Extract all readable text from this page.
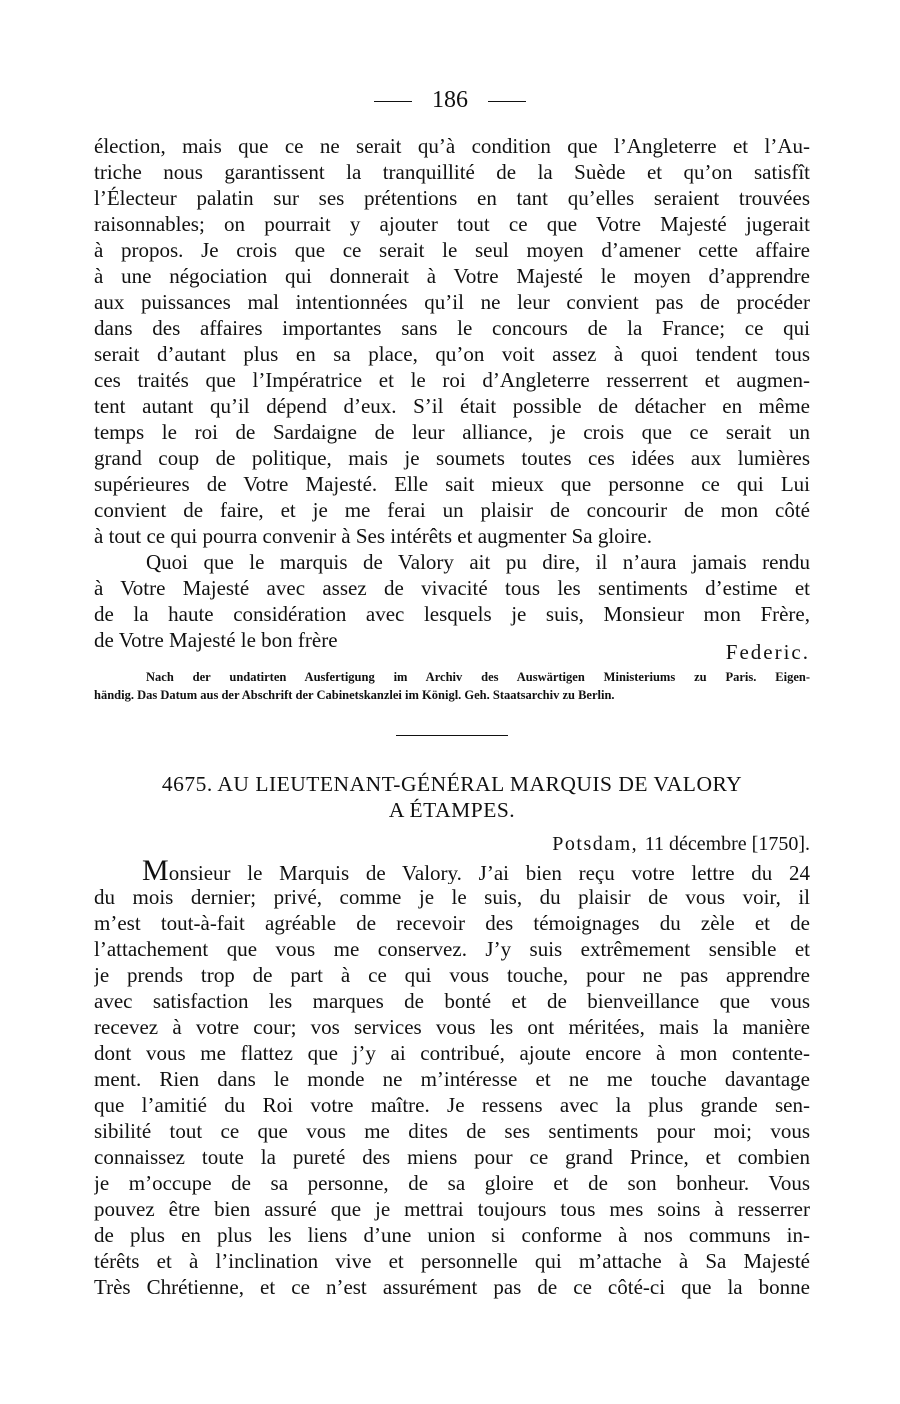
186
élection, mais que ce ne serait qu’à condition que l’Angleterre et l’Au-
triche nous garantissent la tranquillité de la Suède et qu’on satisfît
l’Électeur palatin sur ses prétentions en tant qu’elles seraient trouvées
raisonnables; on pourrait y ajouter tout ce que Votre Majesté jugerait
à propos. Je crois que ce serait le seul moyen d’amener cette affaire
à une négociation qui donnerait à Votre Majesté le moyen d’apprendre
aux puissances mal intentionnées qu’il ne leur convient pas de procéder
dans des affaires importantes sans le concours de la France; ce qui
serait d’autant plus en sa place, qu’on voit assez à quoi tendent tous
ces traités que l’Impératrice et le roi d’Angleterre resserrent et augmen-
tent autant qu’il dépend d’eux. S’il était possible de détacher en même
temps le roi de Sardaigne de leur alliance, je crois que ce serait un
grand coup de politique, mais je soumets toutes ces idées aux lumières
supérieures de Votre Majesté. Elle sait mieux que personne ce qui Lui
convient de faire, et je me ferai un plaisir de concourir de mon côté
à tout ce qui pourra convenir à Ses intérêts et augmenter Sa gloire.
Quoi que le marquis de Valory ait pu dire, il n’aura jamais rendu
à Votre Majesté avec assez de vivacité tous les sentiments d’estime et
de la haute considération avec lesquels je suis, Monsieur mon Frère,
de Votre Majesté le bon frère	Federic.
Nach der undatirten Ausfertigung im Archiv des Auswärtigen Ministeriums zu Paris. Eigen-
händig. Das Datum aus der Abschrift der Cabinetskanzlei im Königl. Geh. Staatsarchiv zu Berlin.
4675. AU LIEUTENANT-GÉNÉRAL MARQUIS DE VALORY
A ÉTAMPES.
Potsdam, 11 décembre [1750].
Monsieur le Marquis de Valory. J’ai bien reçu votre lettre du 24
du mois dernier; privé, comme je le suis, du plaisir de vous voir, il
m’est tout-à-fait agréable de recevoir des témoignages du zèle et de
l’attachement que vous me conservez. J’y suis extrêmement sensible et
je prends trop de part à ce qui vous touche, pour ne pas apprendre
avec satisfaction les marques de bonté et de bienveillance que vous
recevez à votre cour; vos services vous les ont méritées, mais la manière
dont vous me flattez que j’y ai contribué, ajoute encore à mon contente-
ment. Rien dans le monde ne m’intéresse et ne me touche davantage
que l’amitié du Roi votre maître. Je ressens avec la plus grande sen-
sibilité tout ce que vous me dites de ses sentiments pour moi; vous
connaissez toute la pureté des miens pour ce grand Prince, et combien
je m’occupe de sa personne, de sa gloire et de son bonheur. Vous
pouvez être bien assuré que je mettrai toujours tous mes soins à resserrer
de plus en plus les liens d’une union si conforme à nos communs in-
térêts et à l’inclination vive et personnelle qui m’attache à Sa Majesté
Très Chrétienne, et ce n’est assurément pas de ce côté-ci que la bonne
